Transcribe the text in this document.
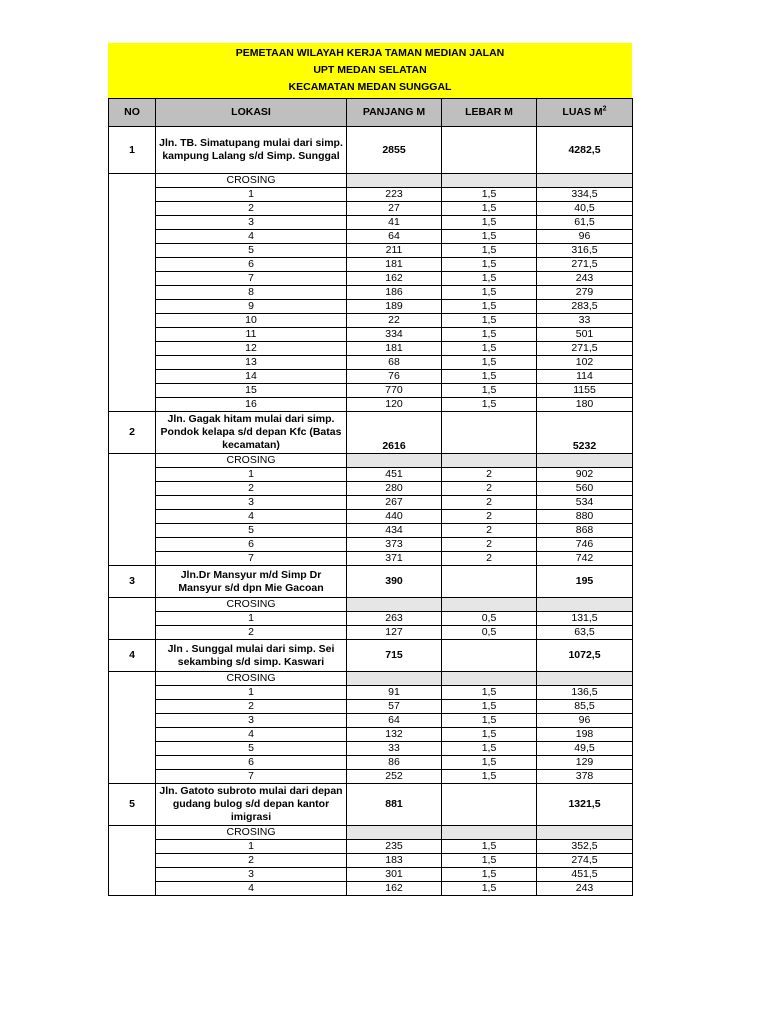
PEMETAAN WILAYAH KERJA TAMAN MEDIAN JALAN
UPT MEDAN SELATAN
KECAMATAN MEDAN SUNGGAL
NO	LOKASI	PANJANG M	LEBAR M	LUAS $M^2$
1	Jln. TB. Simatupang mulai dari simp. kampung Lalang s/d Simp. Sunggal	2855		4282,5
	CROSING			
	1	223	1,5	334,5
	2	27	1,5	40,5
	3	41	1,5	61,5
	4	64	1,5	96
	5	211	1,5	316,5
	6	181	1,5	271,5
	7	162	1,5	243
	8	186	1,5	279
	9	189	1,5	283,5
	10	22	1,5	33
	11	334	1,5	501
	12	181	1,5	271,5
	13	68	1,5	102
	14	76	1,5	114
	15	770	1,5	1155
	16	120	1,5	180
2	Jln. Gagak hitam mulai dari simp. Pondok kelapa s/d depan Kfc (Batas kecamatan)	2616		5232
	CROSING			
	1	451	2	902
	2	280	2	560
	3	267	2	534
	4	440	2	880
	5	434	2	868
	6	373	2	746
	7	371	2	742
3	Jln.Dr Mansyur m/d Simp Dr Mansyur s/d dpn Mie Gacoan	390		195
	CROSING			
	1	263	0,5	131,5
	2	127	0,5	63,5
4	Jln . Sunggal mulai dari simp. Sei sekambing s/d simp. Kaswari	715		1072,5
	CROSING			
	1	91	1,5	136,5
	2	57	1,5	85,5
	3	64	1,5	96
	4	132	1,5	198
	5	33	1,5	49,5
	6	86	1,5	129
	7	252	1,5	378
5	Jln. Gatoto subroto mulai dari depan gudang bulog s/d depan kantor imigrasi	881		1321,5
	CROSING			
	1	235	1,5	352,5
	2	183	1,5	274,5
	3	301	1,5	451,5
	4	162	1,5	243
